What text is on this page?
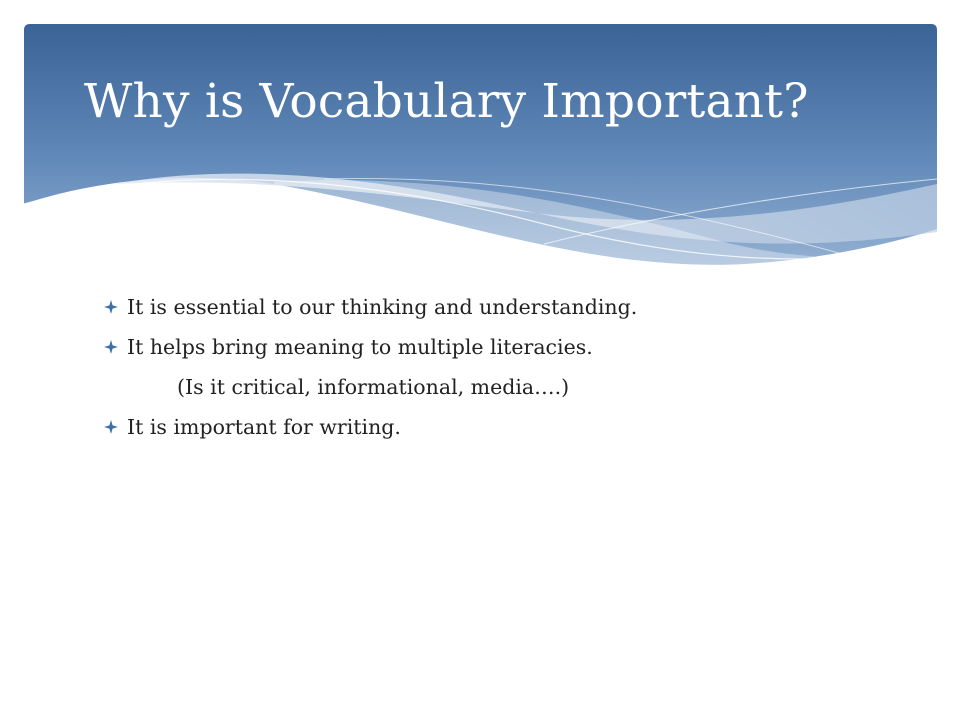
Why is Vocabulary Important?
It is essential to our thinking and understanding.
It helps bring meaning to multiple literacies.
(Is it critical, informational, media….)
It is important for writing.
